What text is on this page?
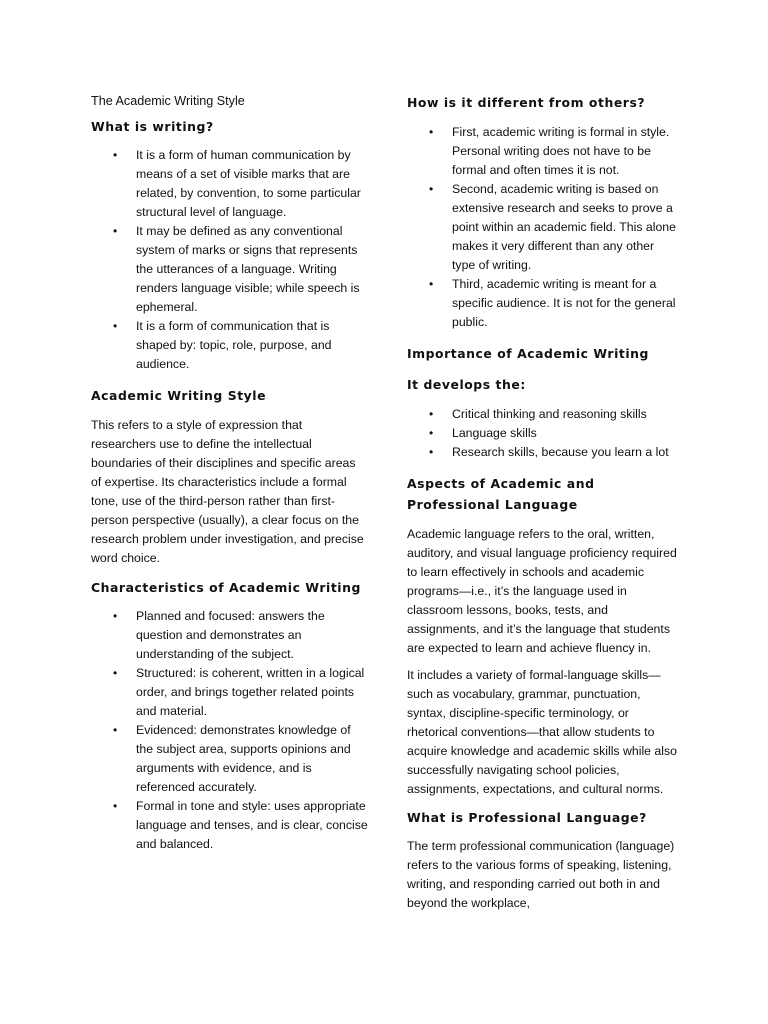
The Academic Writing Style
What is writing?
• It is a form of human communication by means of a set of visible marks that are related, by convention, to some particular structural level of language.
• It may be defined as any conventional system of marks or signs that represents the utterances of a language. Writing renders language visible; while speech is ephemeral.
• It is a form of communication that is shaped by: topic, role, purpose, and audience.
Academic Writing Style

This refers to a style of expression that researchers use to define the intellectual boundaries of their disciplines and specific areas of expertise. Its characteristics include a formal tone, use of the third-person rather than first-person perspective (usually), a clear focus on the research problem under investigation, and precise word choice.

Characteristics of Academic Writing
• Planned and focused: answers the question and demonstrates an understanding of the subject.
• Structured: is coherent, written in a logical order, and brings together related points and material.
• Evidenced: demonstrates knowledge of the subject area, supports opinions and arguments with evidence, and is referenced accurately.
• Formal in tone and style: uses appropriate language and tenses, and is clear, concise and balanced.
How is it different from others?
• First, academic writing is formal in style. Personal writing does not have to be formal and often times it is not.
• Second, academic writing is based on extensive research and seeks to prove a point within an academic field. This alone makes it very different than any other type of writing.
• Third, academic writing is meant for a specific audience. It is not for the general public.
Importance of Academic Writing
It develops the:
• Critical thinking and reasoning skills
• Language skills
• Research skills, because you learn a lot
Aspects of Academic and Professional Language

Academic language refers to the oral, written, auditory, and visual language proficiency required to learn effectively in schools and academic programs—i.e., it’s the language used in classroom lessons, books, tests, and assignments, and it’s the language that students are expected to learn and achieve fluency in.

It includes a variety of formal-language skills—such as vocabulary, grammar, punctuation, syntax, discipline-specific terminology, or rhetorical conventions—that allow students to acquire knowledge and academic skills while also successfully navigating school policies, assignments, expectations, and cultural norms.

What is Professional Language?

The term professional communication (language) refers to the various forms of speaking, listening, writing, and responding carried out both in and beyond the workplace,
